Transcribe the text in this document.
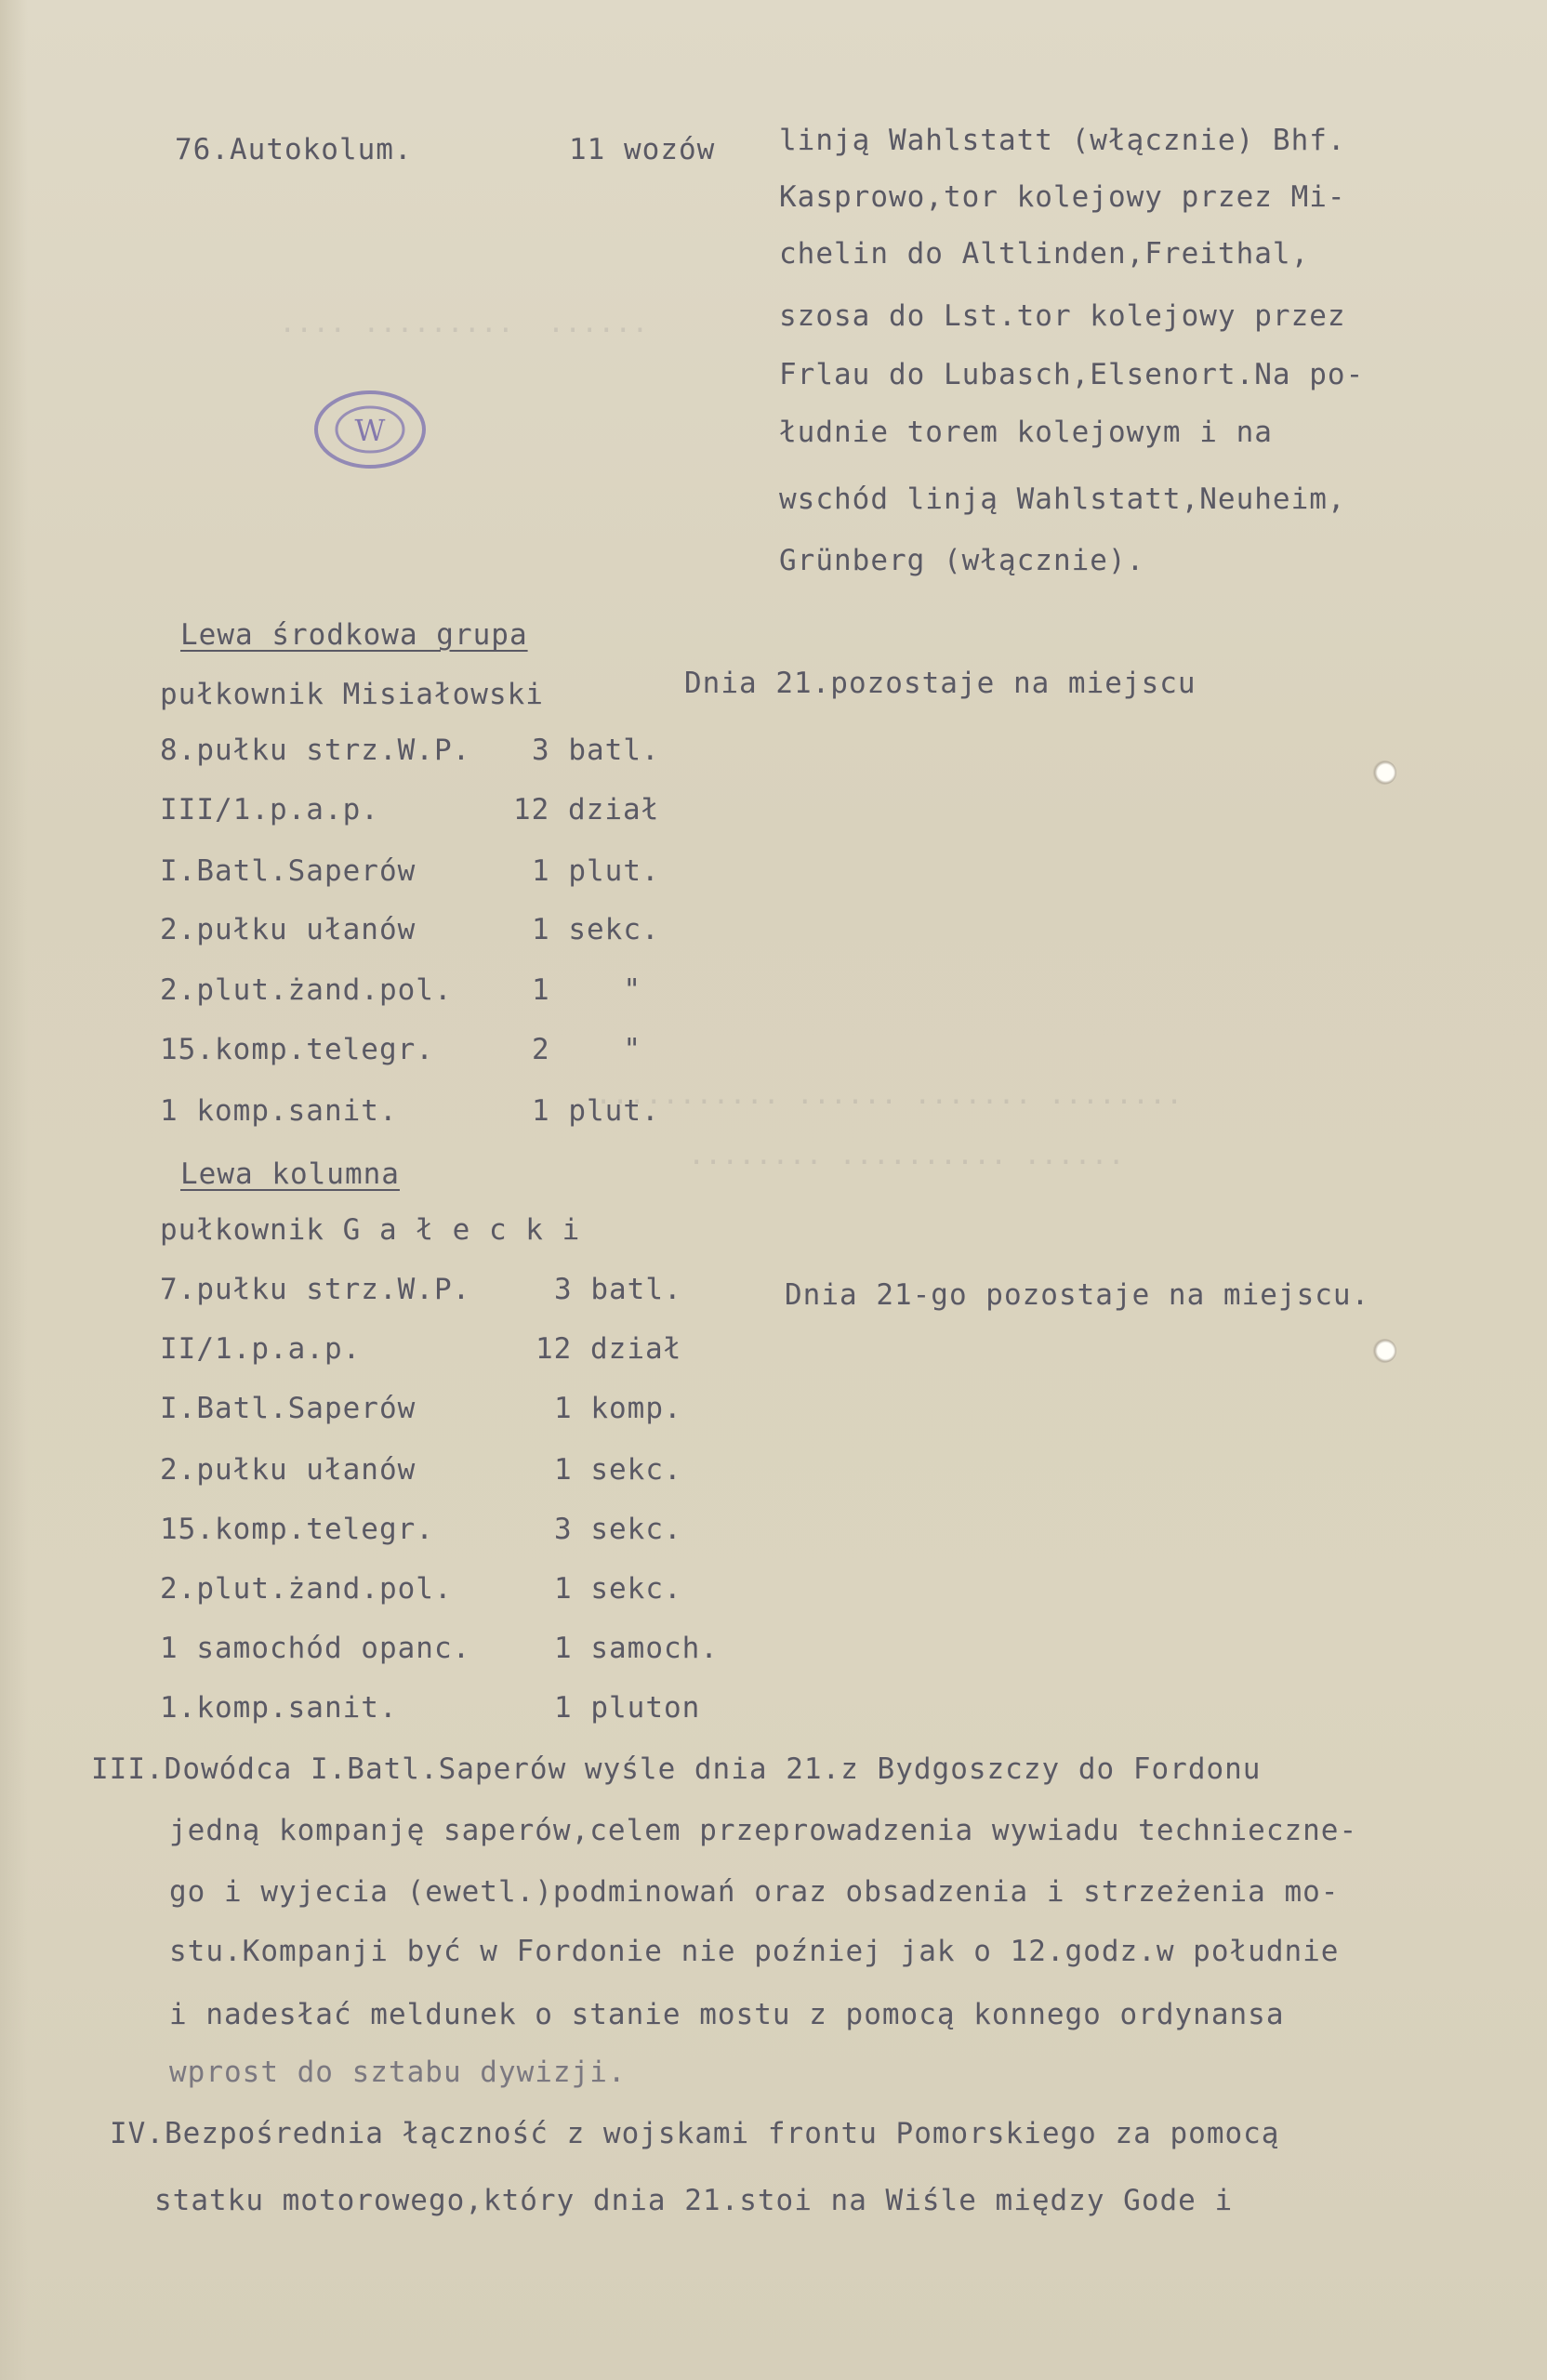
......  ......... ....
........ ....... ...... ...........
...... .......... ........
W
76.Autokolum.	11 wozów linją Wahlstatt (włącznie) Bhf.
Kasprowo,tor kolejowy przez Mi-
chelin do Altlinden,Freithal,
szosa do Lst.tor kolejowy przez
Frlau do Lubasch,Elsenort.Na po-
łudnie torem kolejowym i na
wschód linją Wahlstatt,Neuheim,
Grünberg (włącznie).
Lewa środkowa grupa
pułkownik Misiałowski	Dnia 21.pozostaje na miejscu
8.pułku strz.W.P. 3 batl.
III/1.p.a.p.	12 dział
I.Batl.Saperów	1 plut.
2.pułku ułanów	1 sekc.
2.plut.żand.pol.	1    "
15.komp.telegr.	2    "
1 komp.sanit.	1 plut.
Lewa kolumna
pułkownik G a ł e c k i
Dnia 21-go pozostaje na miejscu.
7.pułku strz.W.P.	3 batl.
II/1.p.a.p.	12 dział
I.Batl.Saperów	1 komp.
2.pułku ułanów	1 sekc.
15.komp.telegr.	3 sekc.
2.plut.żand.pol.	1 sekc.
1 samochód opanc.	1 samoch.
1.komp.sanit.	1 pluton
III.Dowódca I.Batl.Saperów wyśle dnia 21.z Bydgoszczy do Fordonu
jedną kompanję saperów,celem przeprowadzenia wywiadu technieczne-
go i wyjecia (ewetl.)podminowań oraz obsadzenia i strzeżenia mo-
stu.Kompanji być w Fordonie nie poźniej jak o 12.godz.w południe
i nadesłać meldunek o stanie mostu z pomocą konnego ordynansa
wprost do sztabu dywizji.
IV.Bezpośrednia łączność z wojskami frontu Pomorskiego za pomocą
statku motorowego,który dnia 21.stoi na Wiśle między Gode i
